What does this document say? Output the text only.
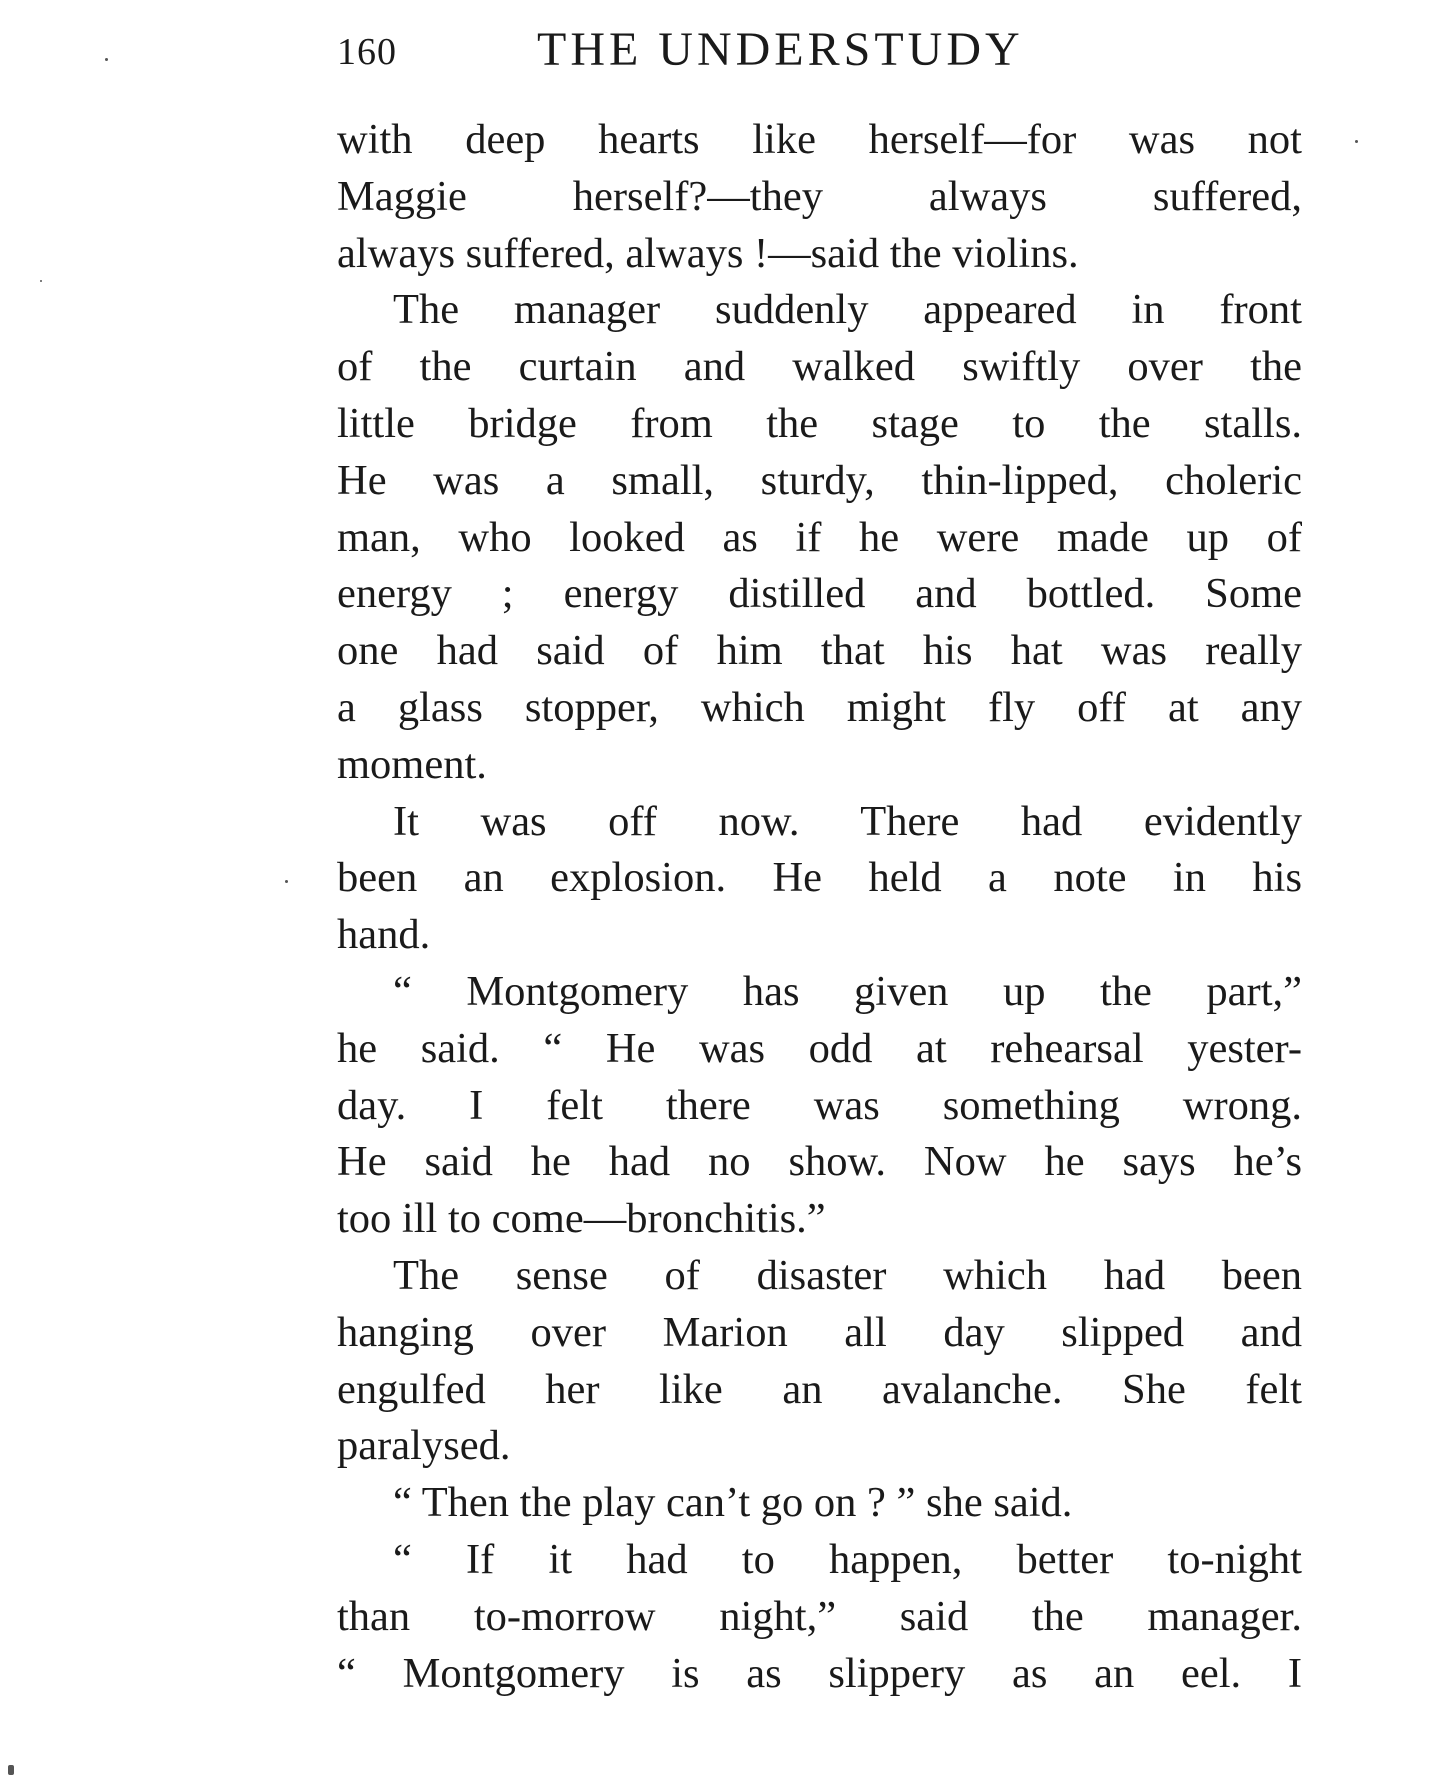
160	THE UNDERSTUDY
with deep hearts like herself—for was not
Maggie herself?—they always suffered,
always suffered, always !—said the violins.
The manager suddenly appeared in front
of the curtain and walked swiftly over the
little bridge from the stage to the stalls.
He was a small, sturdy, thin-lipped, choleric
man, who looked as if he were made up of
energy ; energy distilled and bottled. Some
one had said of him that his hat was really
a glass stopper, which might fly off at any
moment.
It was off now. There had evidently
been an explosion. He held a note in his
hand.
“ Montgomery has given up the part,”
he said. “ He was odd at rehearsal yester-
day. I felt there was something wrong.
He said he had no show. Now he says he’s
too ill to come—bronchitis.”
The sense of disaster which had been
hanging over Marion all day slipped and
engulfed her like an avalanche. She felt
paralysed.
“ Then the play can’t go on ? ” she said.
“ If it had to happen, better to-night
than to-morrow night,” said the manager.
“ Montgomery is as slippery as an eel. I
